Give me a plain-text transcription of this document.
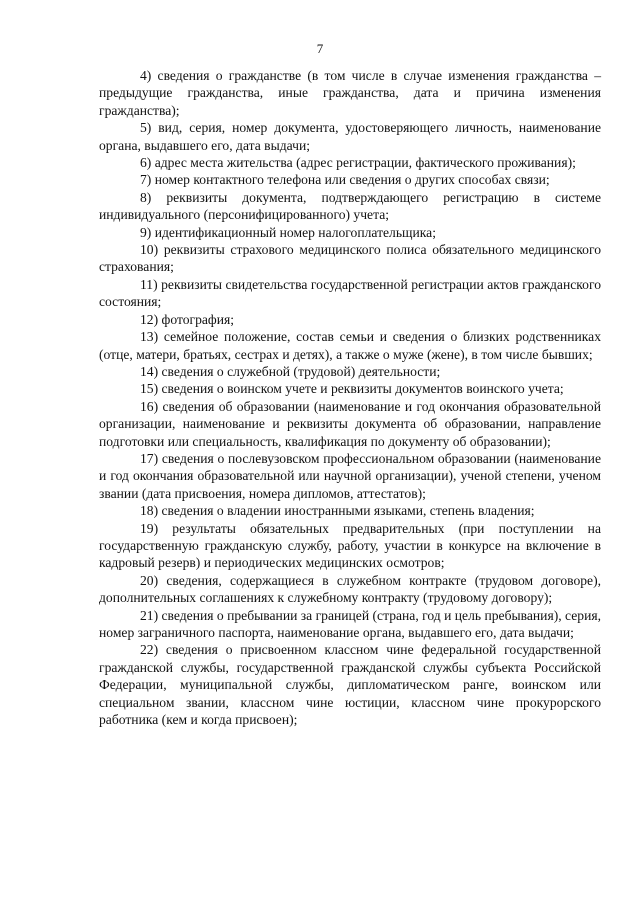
7

4) сведения о гражданстве (в том числе в случае изменения гражданства – предыдущие гражданства, иные гражданства, дата и причина изменения гражданства);

5) вид, серия, номер документа, удостоверяющего личность, наименование органа, выдавшего его, дата выдачи;

6) адрес места жительства (адрес регистрации, фактического проживания);

7) номер контактного телефона или сведения о других способах связи;

8) реквизиты документа, подтверждающего регистрацию в системе индивидуального (персонифицированного) учета;

9) идентификационный номер налогоплательщика;

10) реквизиты страхового медицинского полиса обязательного медицинского страхования;

11) реквизиты свидетельства государственной регистрации актов гражданского состояния;

12) фотография;

13) семейное положение, состав семьи и сведения о близких родственниках (отце, матери, братьях, сестрах и детях), а также о муже (жене), в том числе бывших;

14) сведения о служебной (трудовой) деятельности;

15) сведения о воинском учете и реквизиты документов воинского учета;

16) сведения об образовании (наименование и год окончания образовательной организации, наименование и реквизиты документа об образовании, направление подготовки или специальность, квалификация по документу об образовании);

17) сведения о послевузовском профессиональном образовании (наименование и год окончания образовательной или научной организации), ученой степени, ученом звании (дата присвоения, номера дипломов, аттестатов);

18) сведения о владении иностранными языками, степень владения;

19) результаты обязательных предварительных (при поступлении на государственную гражданскую службу, работу, участии в конкурсе на включение в кадровый резерв) и периодических медицинских осмотров;

20) сведения, содержащиеся в служебном контракте (трудовом договоре), дополнительных соглашениях к служебному контракту (трудовому договору);

21) сведения о пребывании за границей (страна, год и цель пребывания), серия, номер заграничного паспорта, наименование органа, выдавшего его, дата выдачи;

22) сведения о присвоенном классном чине федеральной государственной гражданской службы, государственной гражданской службы субъекта Российской Федерации, муниципальной службы, дипломатическом ранге, воинском или специальном звании, классном чине юстиции, классном чине прокурорского работника (кем и когда присвоен);
